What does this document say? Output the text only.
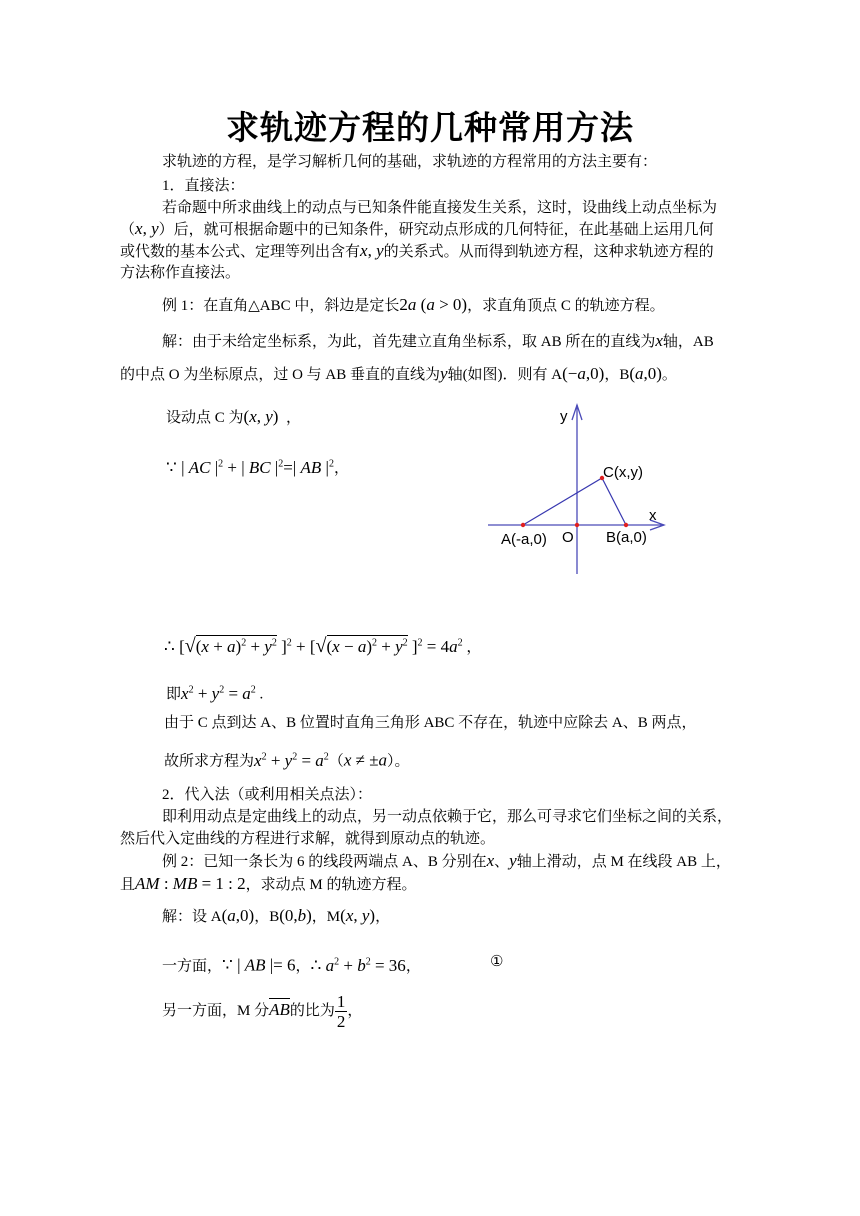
求轨迹方程的几种常用方法
求轨迹的方程，是学习解析几何的基础，求轨迹的方程常用的方法主要有：
1．直接法：
若命题中所求曲线上的动点与已知条件能直接发生关系，这时，设曲线上动点坐标为
（x, y）后，就可根据命题中的已知条件，研究动点形成的几何特征，在此基础上运用几何
或代数的基本公式、定理等列出含有x, y的关系式。从而得到轨迹方程，这种求轨迹方程的
方法称作直接法。
例 1：在直角△ABC 中，斜边是定长2a (a > 0)，求直角顶点 C 的轨迹方程。
解：由于未给定坐标系，为此，首先建立直角坐标系，取 AB 所在的直线为x轴，AB
的中点 O 为坐标原点，过 O 与 AB 垂直的直线为y轴(如图)．则有 A(−a,0)，B(a,0)。
设动点 C 为(x, y) ，
∵ | AC $|^2$ + | BC $|^2=|$ AB $|^2$，
y
x
C(x,y)
A(-a,0) O B(a,0)
∴ [$√(x + a)^2 + y^2$ ]$^2 + [√(x - a)^2 + y^2$ ]$^2 = 4a^2$ ，
即$x^2 + y^2 = a^2$ .
由于 C 点到达 A、B 位置时直角三角形 ABC 不存在，轨迹中应除去 A、B 两点，
故所求方程为$x^2 + y^2 = a^2(x \ne \pm a)$。
2．代入法（或利用相关点法）：
即利用动点是定曲线上的动点，另一动点依赖于它，那么可寻求它们坐标之间的关系，
然后代入定曲线的方程进行求解，就得到原动点的轨迹。
例 2：已知一条长为 6 的线段两端点 A、B 分别在x、y轴上滑动，点 M 在线段 AB 上，
且AM : MB = 1 : 2，求动点 M 的轨迹方程。
解：设 A(a,0)，B(0,b)，M(x, y)，
一方面，∵ | AB |= 6，∴ $a^2 + b^2 = 36$，	①
另一方面，M 分AB的比为 $\frac{1}{2}$ ，
